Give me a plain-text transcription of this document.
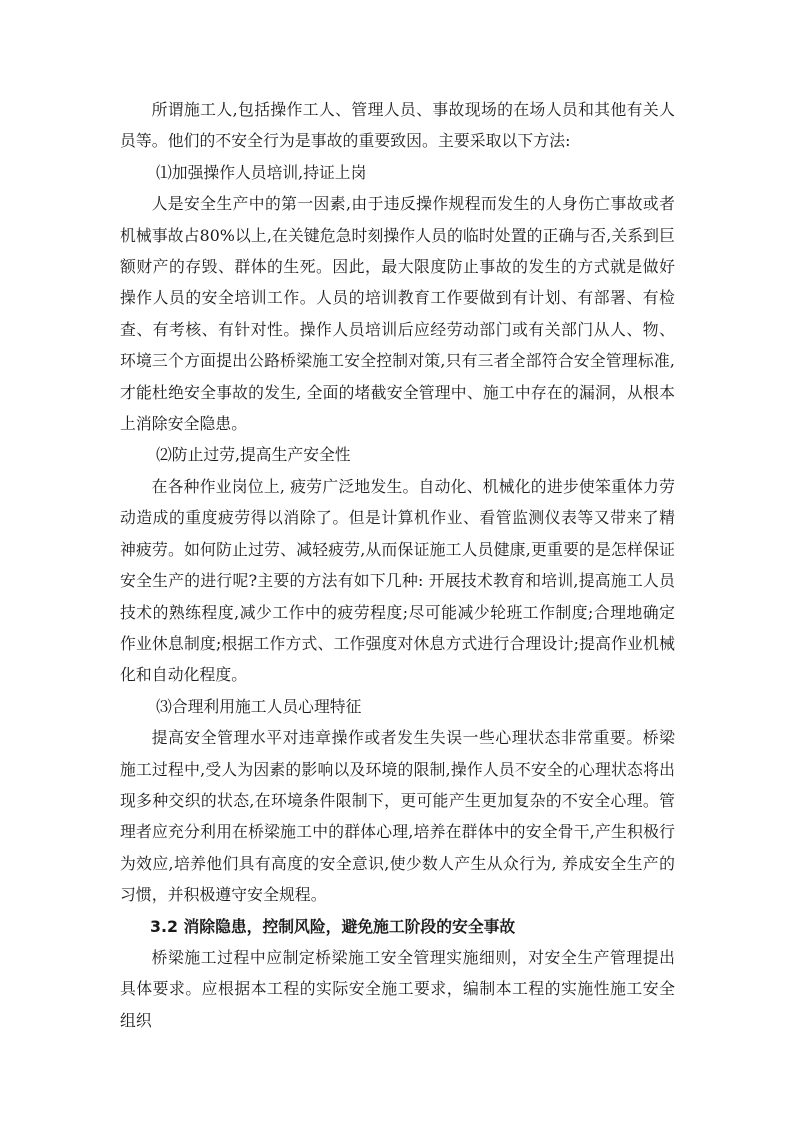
所谓施工人,包括操作工人、管理人员、事故现场的在场人员和其他有关人员等。他们的不安全行为是事故的重要致因。主要采取以下方法:

⑴加强操作人员培训,持证上岗

人是安全生产中的第一因素,由于违反操作规程而发生的人身伤亡事故或者机械事故占80%以上,在关键危急时刻操作人员的临时处置的正确与否,关系到巨额财产的存毁、群体的生死。因此，最大限度防止事故的发生的方式就是做好操作人员的安全培训工作。人员的培训教育工作要做到有计划、有部署、有检查、有考核、有针对性。操作人员培训后应经劳动部门或有关部门从人、物、环境三个方面提出公路桥梁施工安全控制对策,只有三者全部符合安全管理标准,才能杜绝安全事故的发生, 全面的堵截安全管理中、施工中存在的漏洞，从根本上消除安全隐患。

⑵防止过劳,提高生产安全性

在各种作业岗位上, 疲劳广泛地发生。自动化、机械化的进步使笨重体力劳动造成的重度疲劳得以消除了。但是计算机作业、看管监测仪表等又带来了精神疲劳。如何防止过劳、减轻疲劳,从而保证施工人员健康,更重要的是怎样保证安全生产的进行呢?主要的方法有如下几种: 开展技术教育和培训,提高施工人员技术的熟练程度,减少工作中的疲劳程度;尽可能减少轮班工作制度;合理地确定作业休息制度;根据工作方式、工作强度对休息方式进行合理设计;提高作业机械化和自动化程度。

⑶合理利用施工人员心理特征

提高安全管理水平对违章操作或者发生失误一些心理状态非常重要。桥梁施工过程中,受人为因素的影响以及环境的限制,操作人员不安全的心理状态将出现多种交织的状态,在环境条件限制下，更可能产生更加复杂的不安全心理。管理者应充分利用在桥梁施工中的群体心理,培养在群体中的安全骨干,产生积极行为效应,培养他们具有高度的安全意识,使少数人产生从众行为, 养成安全生产的习惯，并积极遵守安全规程。

3.2 消除隐患，控制风险，避免施工阶段的安全事故

桥梁施工过程中应制定桥梁施工安全管理实施细则，对安全生产管理提出具体要求。应根据本工程的实际安全施工要求，编制本工程的实施性施工安全组织
